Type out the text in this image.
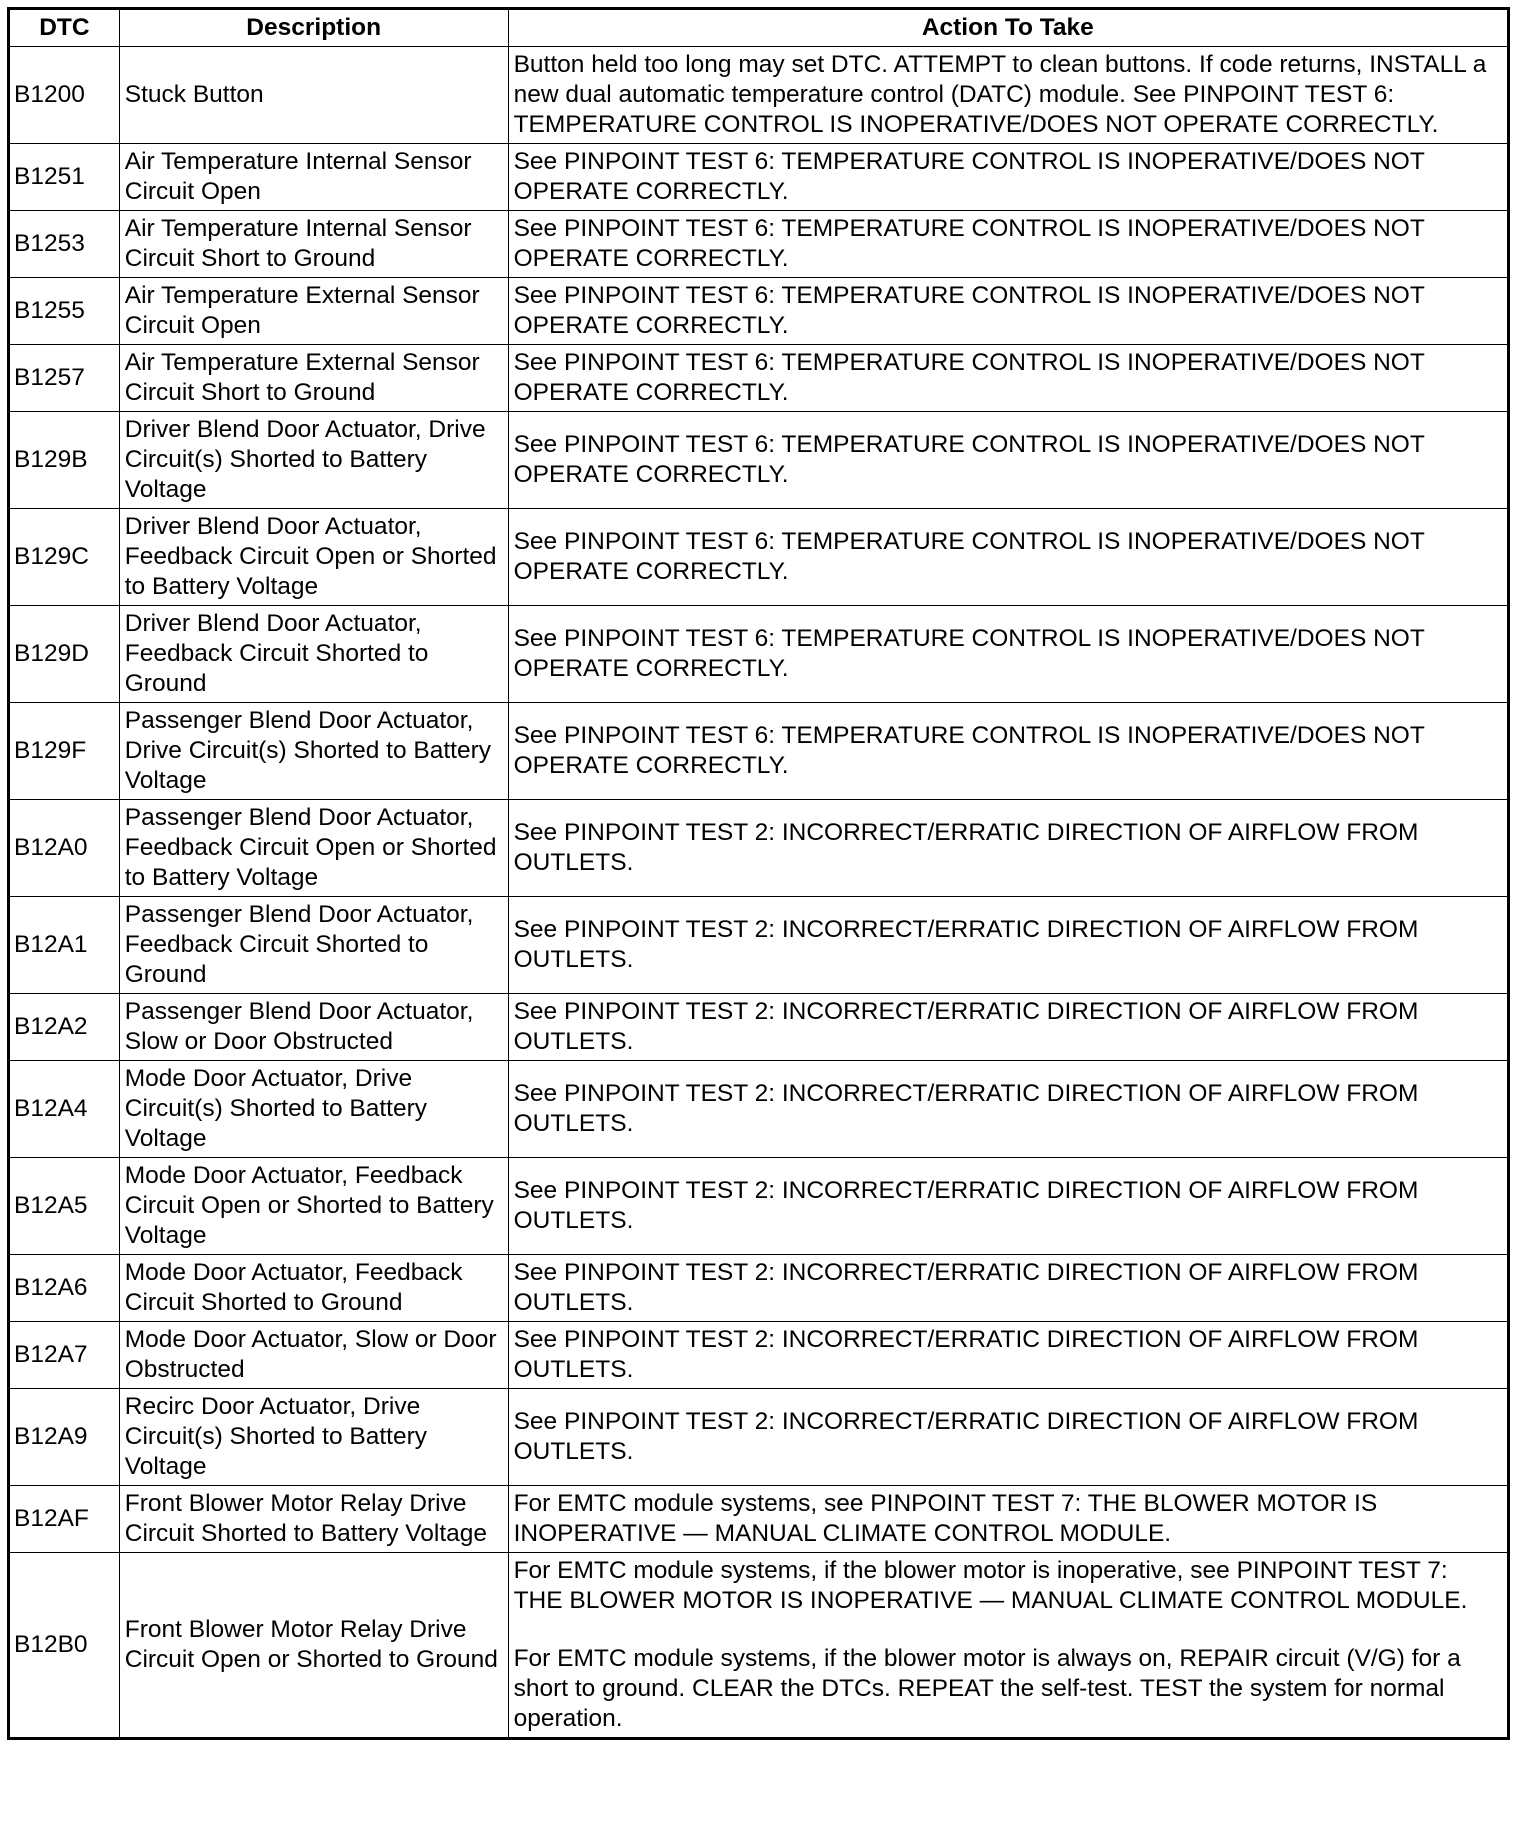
DTC	Description	Action To Take
B1200	Stuck Button	Button held too long may set DTC. ATTEMPT to clean buttons. If code returns, INSTALL a new dual automatic temperature control (DATC) module. See PINPOINT TEST 6: TEMPERATURE CONTROL IS INOPERATIVE/DOES NOT OPERATE CORRECTLY.

B1251	Air Temperature Internal Sensor Circuit Open	See PINPOINT TEST 6: TEMPERATURE CONTROL IS INOPERATIVE/DOES NOT OPERATE CORRECTLY.

B1253	Air Temperature Internal Sensor Circuit Short to Ground	See PINPOINT TEST 6: TEMPERATURE CONTROL IS INOPERATIVE/DOES NOT OPERATE CORRECTLY.

B1255	Air Temperature External Sensor Circuit Open	See PINPOINT TEST 6: TEMPERATURE CONTROL IS INOPERATIVE/DOES NOT OPERATE CORRECTLY.

B1257	Air Temperature External Sensor Circuit Short to Ground	See PINPOINT TEST 6: TEMPERATURE CONTROL IS INOPERATIVE/DOES NOT OPERATE CORRECTLY.

B129B	Driver Blend Door Actuator, Drive Circuit(s) Shorted to Battery Voltage	See PINPOINT TEST 6: TEMPERATURE CONTROL IS INOPERATIVE/DOES NOT OPERATE CORRECTLY.

B129C	Driver Blend Door Actuator, Feedback Circuit Open or Shorted to Battery Voltage	See PINPOINT TEST 6: TEMPERATURE CONTROL IS INOPERATIVE/DOES NOT OPERATE CORRECTLY.

B129D	Driver Blend Door Actuator, Feedback Circuit Shorted to Ground	See PINPOINT TEST 6: TEMPERATURE CONTROL IS INOPERATIVE/DOES NOT OPERATE CORRECTLY.

B129F	Passenger Blend Door Actuator, Drive Circuit(s) Shorted to Battery Voltage	See PINPOINT TEST 6: TEMPERATURE CONTROL IS INOPERATIVE/DOES NOT OPERATE CORRECTLY.

B12A0	Passenger Blend Door Actuator, Feedback Circuit Open or Shorted to Battery Voltage	See PINPOINT TEST 2: INCORRECT/ERRATIC DIRECTION OF AIRFLOW FROM OUTLETS.

B12A1	Passenger Blend Door Actuator, Feedback Circuit Shorted to Ground	See PINPOINT TEST 2: INCORRECT/ERRATIC DIRECTION OF AIRFLOW FROM OUTLETS.

B12A2	Passenger Blend Door Actuator, Slow or Door Obstructed	See PINPOINT TEST 2: INCORRECT/ERRATIC DIRECTION OF AIRFLOW FROM OUTLETS.

B12A4	Mode Door Actuator, Drive Circuit(s) Shorted to Battery Voltage	See PINPOINT TEST 2: INCORRECT/ERRATIC DIRECTION OF AIRFLOW FROM OUTLETS.

B12A5	Mode Door Actuator, Feedback Circuit Open or Shorted to Battery Voltage	See PINPOINT TEST 2: INCORRECT/ERRATIC DIRECTION OF AIRFLOW FROM OUTLETS.

B12A6	Mode Door Actuator, Feedback Circuit Shorted to Ground	See PINPOINT TEST 2: INCORRECT/ERRATIC DIRECTION OF AIRFLOW FROM OUTLETS.

B12A7	Mode Door Actuator, Slow or Door Obstructed	See PINPOINT TEST 2: INCORRECT/ERRATIC DIRECTION OF AIRFLOW FROM OUTLETS.

B12A9	Recirc Door Actuator, Drive Circuit(s) Shorted to Battery Voltage	See PINPOINT TEST 2: INCORRECT/ERRATIC DIRECTION OF AIRFLOW FROM OUTLETS.

B12AF	Front Blower Motor Relay Drive Circuit Shorted to Battery Voltage	For EMTC module systems, see PINPOINT TEST 7: THE BLOWER MOTOR IS INOPERATIVE — MANUAL CLIMATE CONTROL MODULE.

B12B0	Front Blower Motor Relay Drive Circuit Open or Shorted to Ground	For EMTC module systems, if the blower motor is inoperative, see PINPOINT TEST 7: THE BLOWER MOTOR IS INOPERATIVE — MANUAL CLIMATE CONTROL MODULE.

For EMTC module systems, if the blower motor is always on, REPAIR circuit (V/G) for a short to ground. CLEAR the DTCs. REPEAT the self-test. TEST the system for normal operation.
